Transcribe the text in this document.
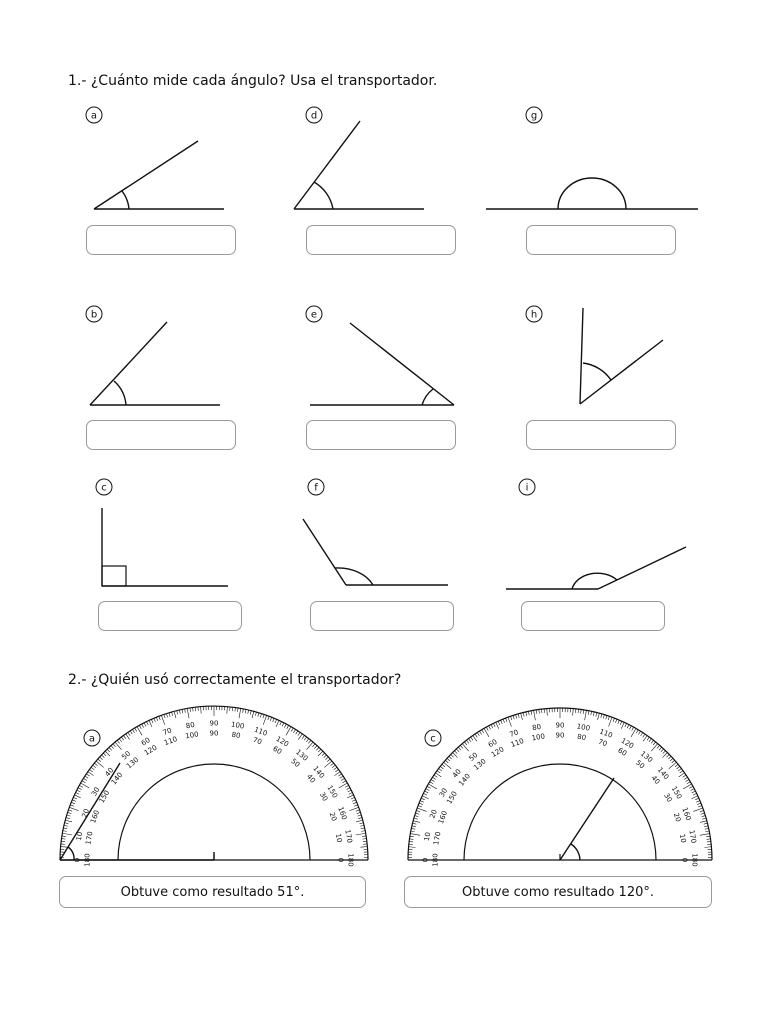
1.- ¿Cuánto mide cada ángulo? Usa el transportador.
a	d	g
b	e	h
c	f	i
2.- ¿Quién usó correctamente el transportador?
a	c
0 180
10 170
20
160
30
150
40
140
50
130
60
120
70
110
80
100
90
90
100
80 110
70 120
60 130
50
140
40
150
30
160
20
170
10
180
0	0 180
10 170
20
160
30
150
40
140
50
130
60
120
70
110
80
100
90
90
100
80 110
70 120
60 130
50
140
40
150
30
160
20
170
10
180
0
Obtuve como resultado 51°.	Obtuve como resultado 120°.
